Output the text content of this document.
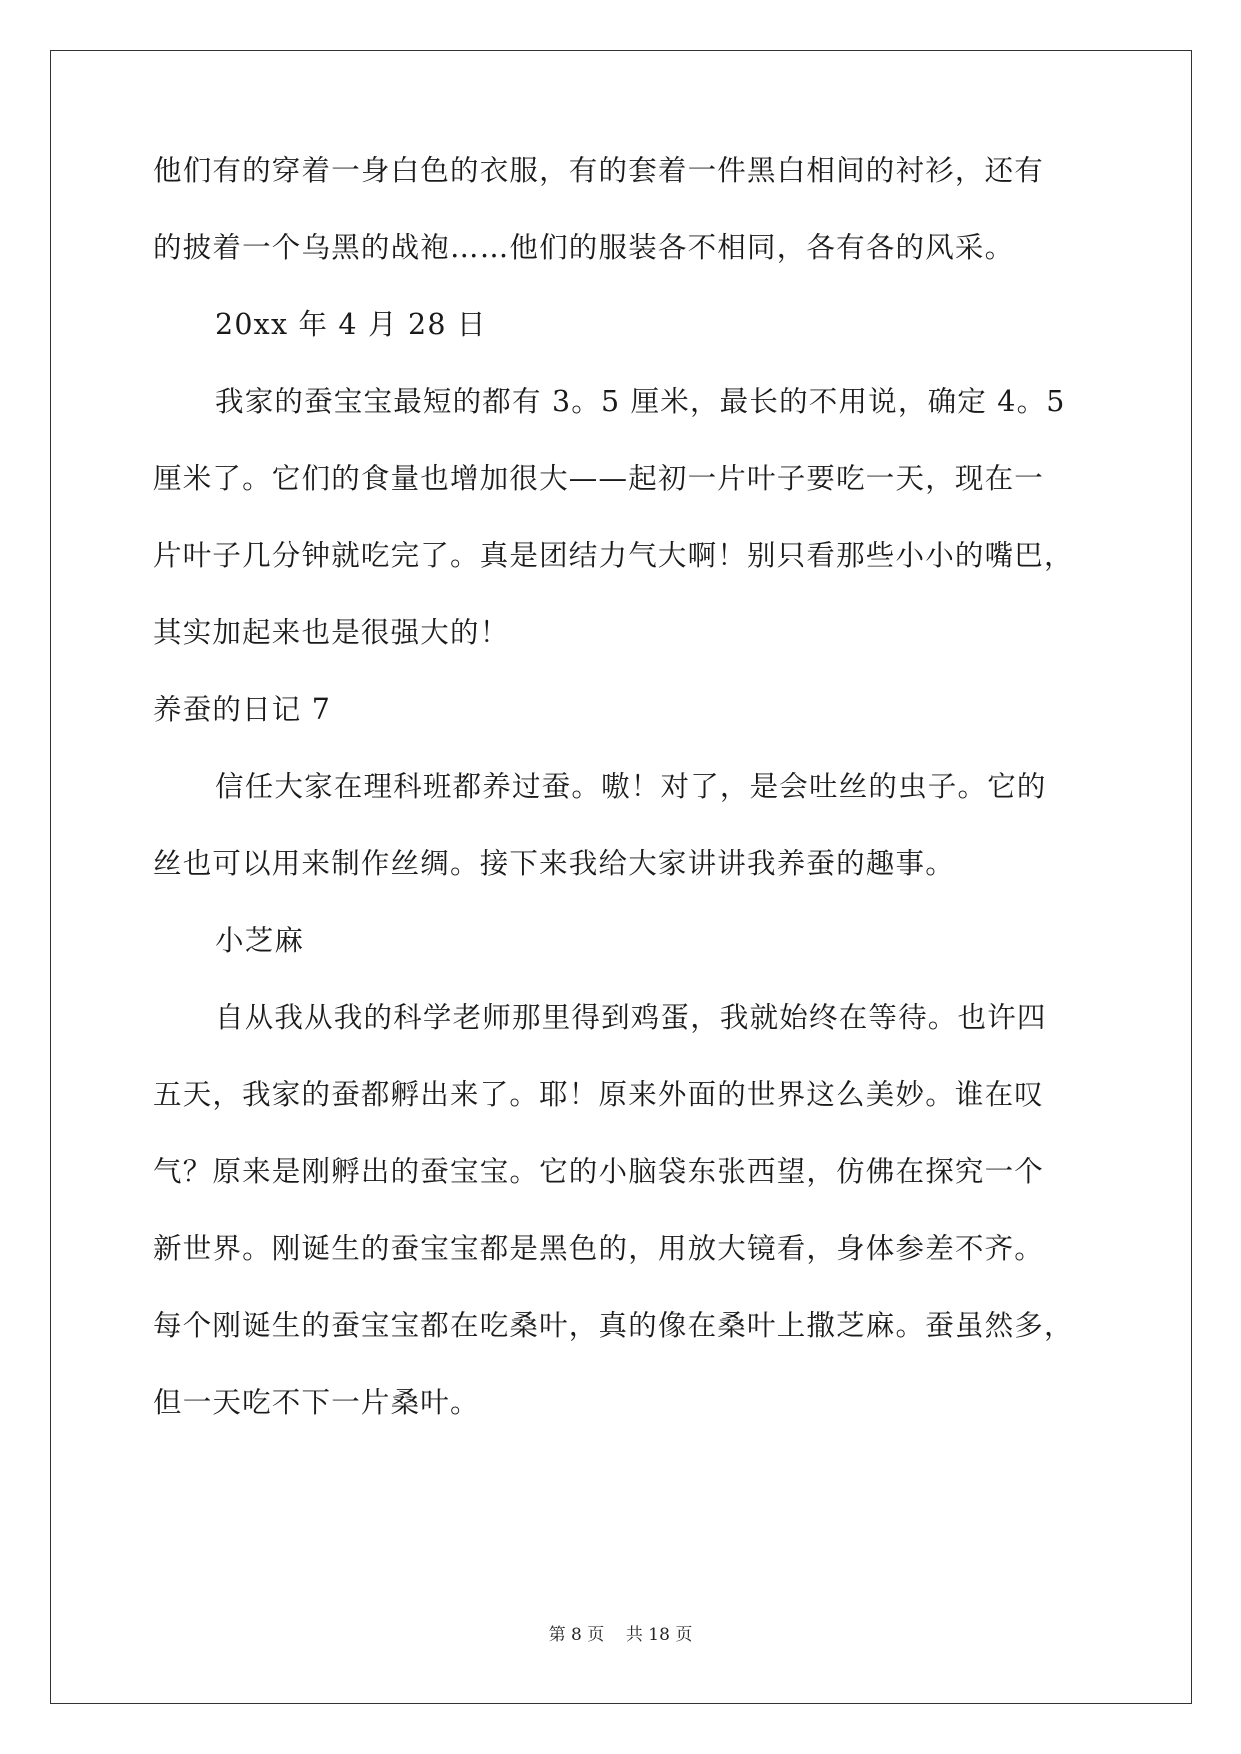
他们有的穿着一身白色的衣服，有的套着一件黑白相间的衬衫，还有
的披着一个乌黑的战袍……他们的服装各不相同，各有各的风采。
20xx 年 4 月 28 日
我家的蚕宝宝最短的都有 3。5 厘米，最长的不用说，确定 4。5
厘米了。它们的食量也增加很大——起初一片叶子要吃一天，现在一
片叶子几分钟就吃完了。真是团结力气大啊！别只看那些小小的嘴巴，
其实加起来也是很强大的！
养蚕的日记 7
信任大家在理科班都养过蚕。嗷！对了，是会吐丝的虫子。它的
丝也可以用来制作丝绸。接下来我给大家讲讲我养蚕的趣事。
小芝麻
自从我从我的科学老师那里得到鸡蛋，我就始终在等待。也许四
五天，我家的蚕都孵出来了。耶！原来外面的世界这么美妙。谁在叹
气？原来是刚孵出的蚕宝宝。它的小脑袋东张西望，仿佛在探究一个
新世界。刚诞生的蚕宝宝都是黑色的，用放大镜看，身体参差不齐。
每个刚诞生的蚕宝宝都在吃桑叶，真的像在桑叶上撒芝麻。蚕虽然多，
但一天吃不下一片桑叶。
第 8 页 共 18 页
